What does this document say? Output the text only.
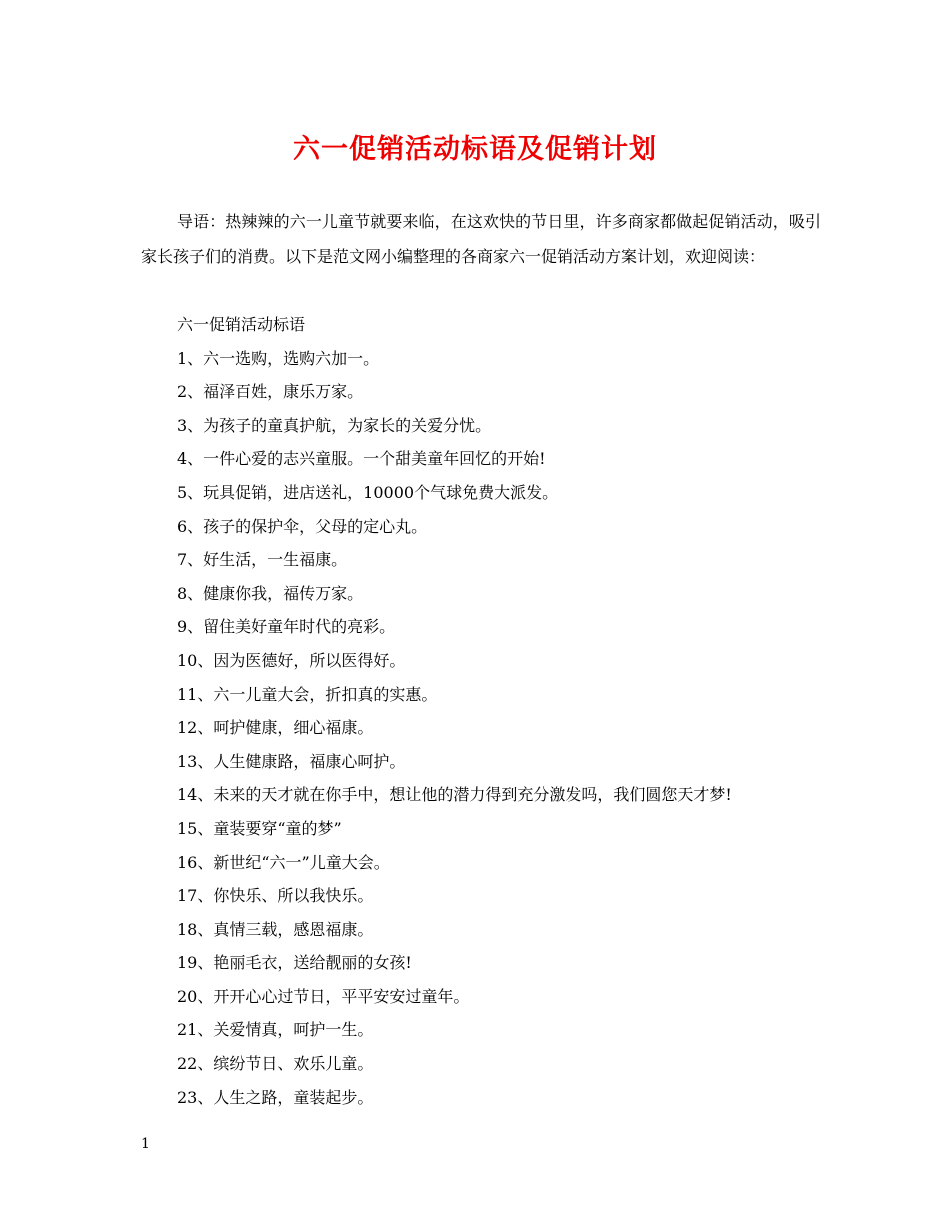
六一促销活动标语及促销计划

导语：热辣辣的六一儿童节就要来临，在这欢快的节日里，许多商家都做起促销活动，吸引家长孩子们的消费。以下是范文网小编整理的各商家六一促销活动方案计划，欢迎阅读：

六一促销活动标语
1、六一选购，选购六加一。
2、福泽百姓，康乐万家。
3、为孩子的童真护航，为家长的关爱分忧。
4、一件心爱的志兴童服。一个甜美童年回忆的开始!
5、玩具促销，进店送礼，10000个气球免费大派发。
6、孩子的保护伞，父母的定心丸。
7、好生活，一生福康。
8、健康你我，福传万家。
9、留住美好童年时代的亮彩。
10、因为医德好，所以医得好。
11、六一儿童大会，折扣真的实惠。
12、呵护健康，细心福康。
13、人生健康路，福康心呵护。
14、未来的天才就在你手中，想让他的潜力得到充分激发吗，我们圆您天才梦!
15、童装要穿“童的梦”
16、新世纪“六一”儿童大会。
17、你快乐、所以我快乐。
18、真情三载，感恩福康。
19、艳丽毛衣，送给靓丽的女孩!
20、开开心心过节日，平平安安过童年。
21、关爱情真，呵护一生。
22、缤纷节日、欢乐儿童。
23、人生之路，童装起步。
1
